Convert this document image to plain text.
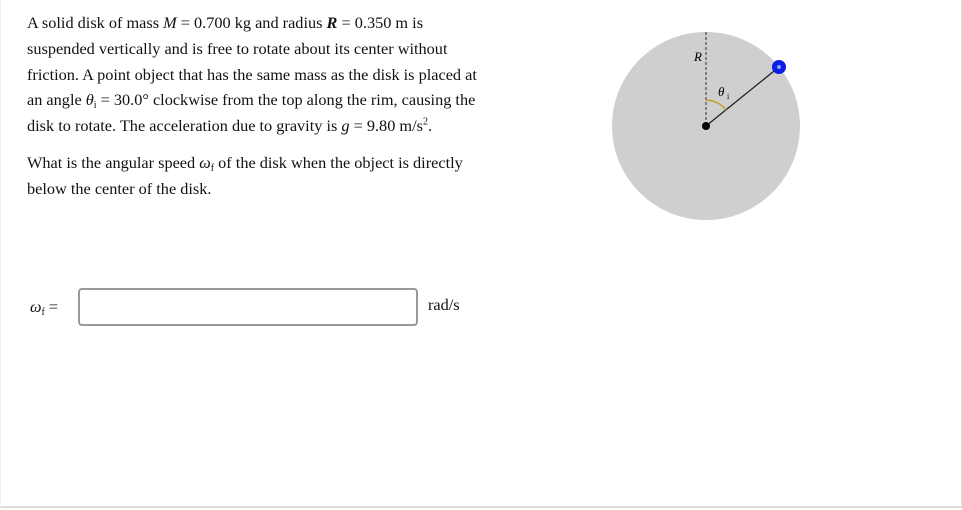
A solid disk of mass M = 0.700 kg and radius R = 0.350 m is suspended vertically and is free to rotate about its center without friction. A point object that has the same mass as the disk is placed at an angle $\theta_i = 30.0^\circ$ clockwise from the top along the rim, causing the disk to rotate. The acceleration due to gravity is g = 9.80 $m/s^2$.

What is the angular speed $\omega_f$ of the disk when the object is directly below the center of the disk.

R
θ i
$\omega_f$ =	rad/s
